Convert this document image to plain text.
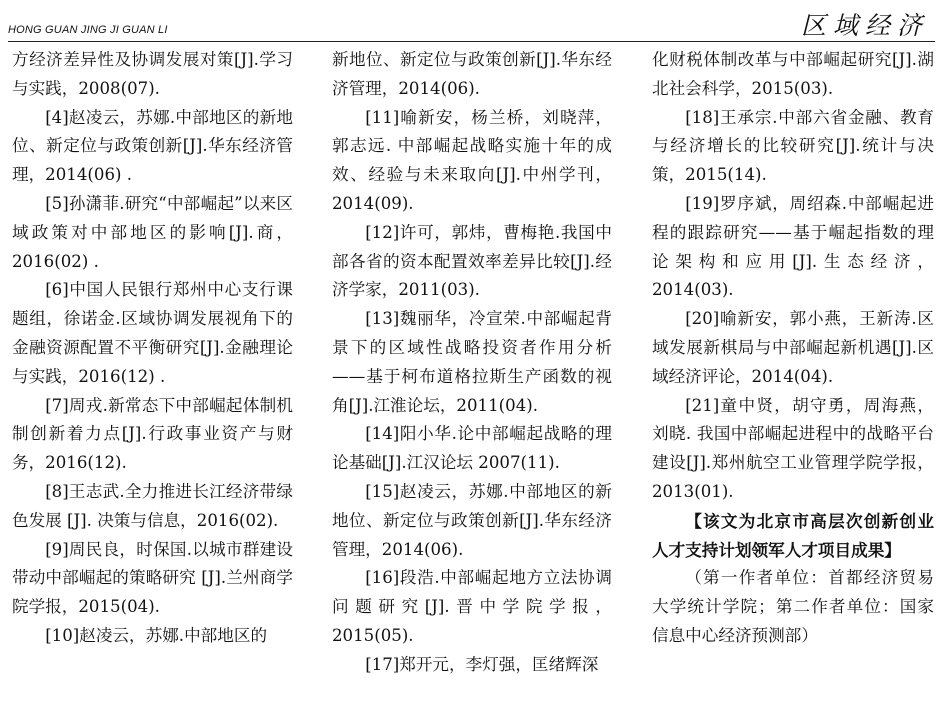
HONG GUAN JING JI GUAN LI	区域经济

方经济差异性及协调发展对策[J].学习与实践，2008(07).

[4]赵凌云，苏娜.中部地区的新地位、新定位与政策创新[J].华东经济管理，2014(06) .

[5]孙潇菲.研究“中部崛起”以来区域政策对中部地区的影响[J].商，2016(02) .

[6]中国人民银行郑州中心支行课题组，徐诺金.区域协调发展视角下的金融资源配置不平衡研究[J].金融理论与实践，2016(12) .

[7]周戎.新常态下中部崛起体制机制创新着力点[J].行政事业资产与财务，2016(12).

[8]王志武.全力推进长江经济带绿色发展 [J]. 决策与信息，2016(02).

[9]周民良，时保国.以城市群建设带动中部崛起的策略研究 [J].兰州商学院学报，2015(04).

[10]赵凌云，苏娜.中部地区的

新地位、新定位与政策创新[J].华东经济管理，2014(06).

[11]喻新安，杨兰桥，刘晓萍，郭志远. 中部崛起战略实施十年的成效、经验与未来取向[J].中州学刊，2014(09).

[12]许可，郭炜，曹梅艳.我国中部各省的资本配置效率差异比较[J].经济学家，2011(03).

[13]魏丽华，冷宣荣.中部崛起背景下的区域性战略投资者作用分析——基于柯布道格拉斯生产函数的视角[J].江淮论坛，2011(04).

[14]阳小华.论中部崛起战略的理论基础[J].江汉论坛 2007(11).

[15]赵凌云，苏娜.中部地区的新地位、新定位与政策创新[J].华东经济管理，2014(06).

[16]段浩.中部崛起地方立法协调问题研究[J].晋中学院学报，2015(05).

[17]郑开元，李灯强，匡绪辉深

化财税体制改革与中部崛起研究[J].湖北社会科学，2015(03).

[18]王承宗.中部六省金融、教育与经济增长的比较研究[J].统计与决策，2015(14).

[19]罗序斌，周绍森.中部崛起进程的跟踪研究——基于崛起指数的理论架构和应用[J].生态经济，2014(03).

[20]喻新安，郭小燕，王新涛.区域发展新棋局与中部崛起新机遇[J].区域经济评论，2014(04).

[21]童中贤，胡守勇，周海燕，刘晓. 我国中部崛起进程中的战略平台建设[J].郑州航空工业管理学院学报，2013(01).

【该文为北京市高层次创新创业人才支持计划领军人才项目成果】

（第一作者单位：首都经济贸易大学统计学院；第二作者单位：国家信息中心经济预测部）
